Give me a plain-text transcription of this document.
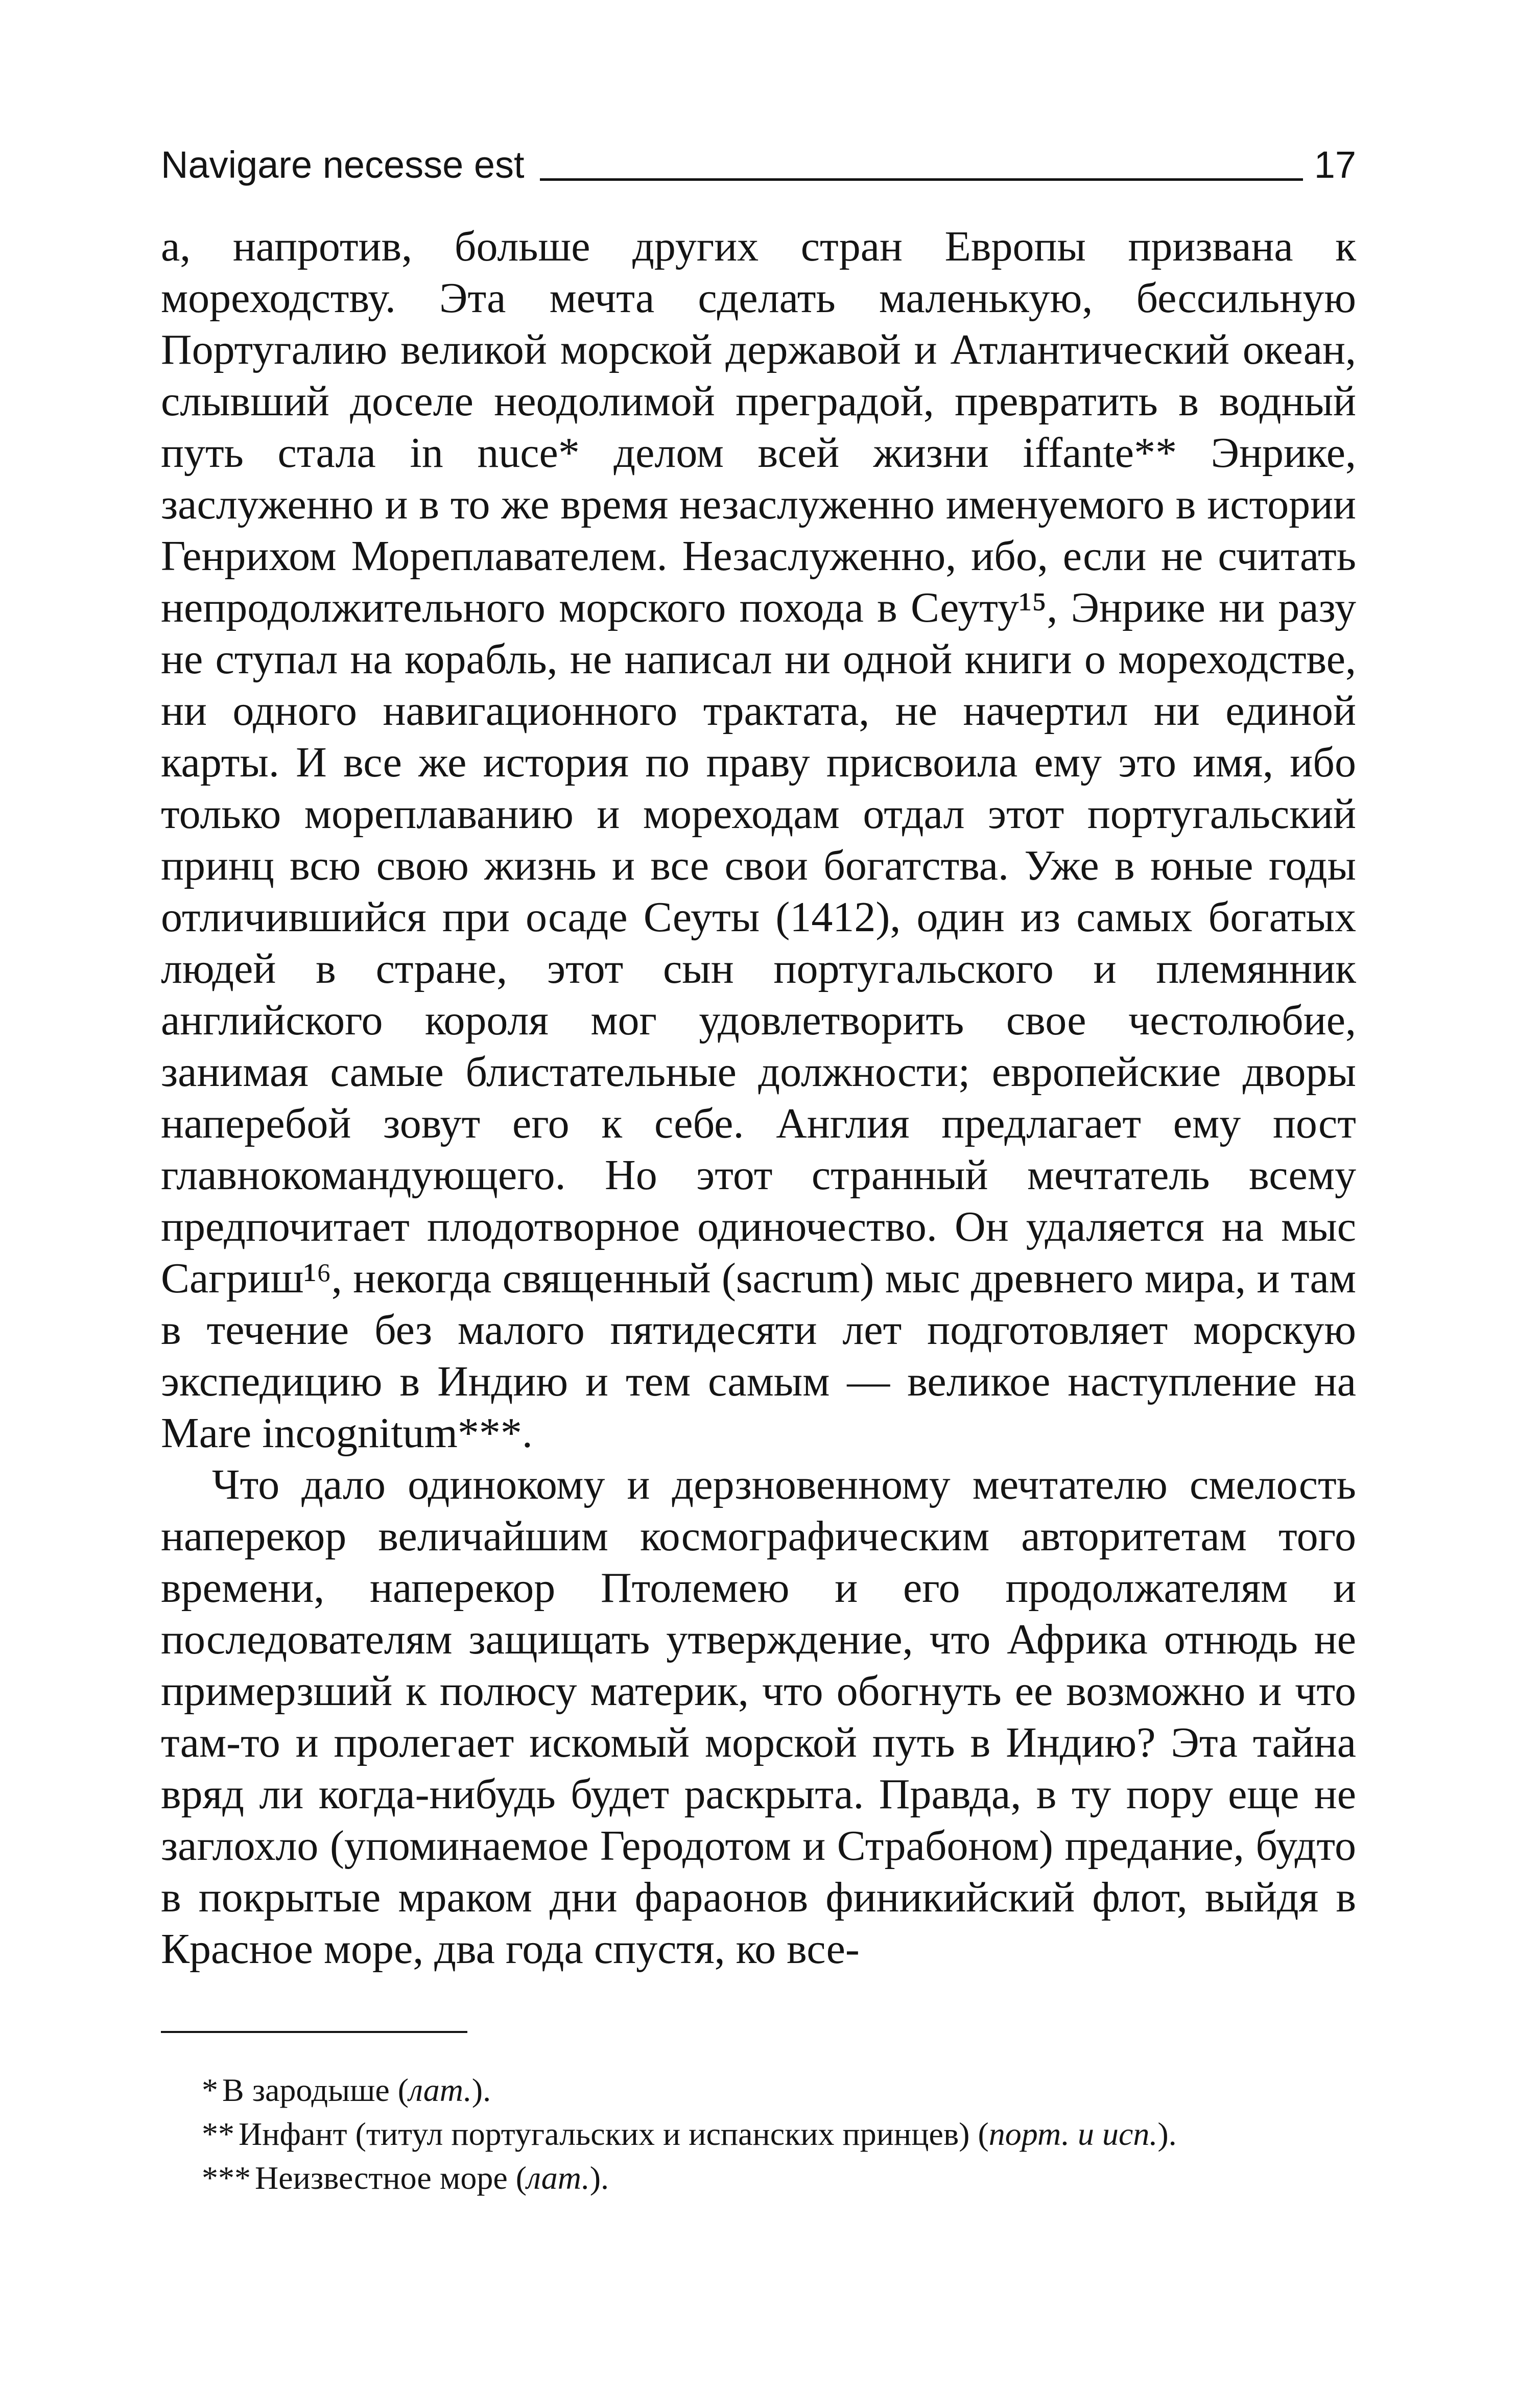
Navigare necesse est	17

а, напротив, больше других стран Европы призвана к мореходству. Эта мечта сделать маленькую, бессильную Португалию великой морской державой и Атлантический океан, слывший доселе неодолимой преградой, превратить в водный путь стала in nuce* делом всей жизни iffante** Энрике, заслуженно и в то же время незаслуженно именуемого в истории Генрихом Мореплавателем. Незаслуженно, ибо, если не считать непродолжительного морского похода в Сеуту¹⁵, Энрике ни разу не ступал на корабль, не написал ни одной книги о мореходстве, ни одного навигационного трактата, не начертил ни единой карты. И все же история по праву присвоила ему это имя, ибо только мореплаванию и мореходам отдал этот португальский принц всю свою жизнь и все свои богатства. Уже в юные годы отличившийся при осаде Сеуты (1412), один из самых богатых людей в стране, этот сын португальского и племянник английского короля мог удовлетворить свое честолюбие, занимая самые блистательные должности; европейские дворы наперебой зовут его к себе. Англия предлагает ему пост главнокомандующего. Но этот странный мечтатель всему предпочитает плодотворное одиночество. Он удаляется на мыс Сагриш¹⁶, некогда священный (sacrum) мыс древнего мира, и там в течение без малого пятидесяти лет подготовляет морскую экспедицию в Индию и тем самым — великое наступление на Mare incognitum***.

Что дало одинокому и дерзновенному мечтателю смелость наперекор величайшим космографическим авторитетам того времени, наперекор Птолемею и его продолжателям и последователям защищать утверждение, что Африка отнюдь не примерзший к полюсу материк, что обогнуть ее возможно и что там-то и пролегает искомый морской путь в Индию? Эта тайна вряд ли когда-нибудь будет раскрыта. Правда, в ту пору еще не заглохло (упоминаемое Геродотом и Страбоном) предание, будто в покрытые мраком дни фараонов финикийский флот, выйдя в Красное море, два года спустя, ко все-

* В зародыше (лат.).

** Инфант (титул португальских и испанских принцев) (порт. и исп.).

*** Неизвестное море (лат.).
